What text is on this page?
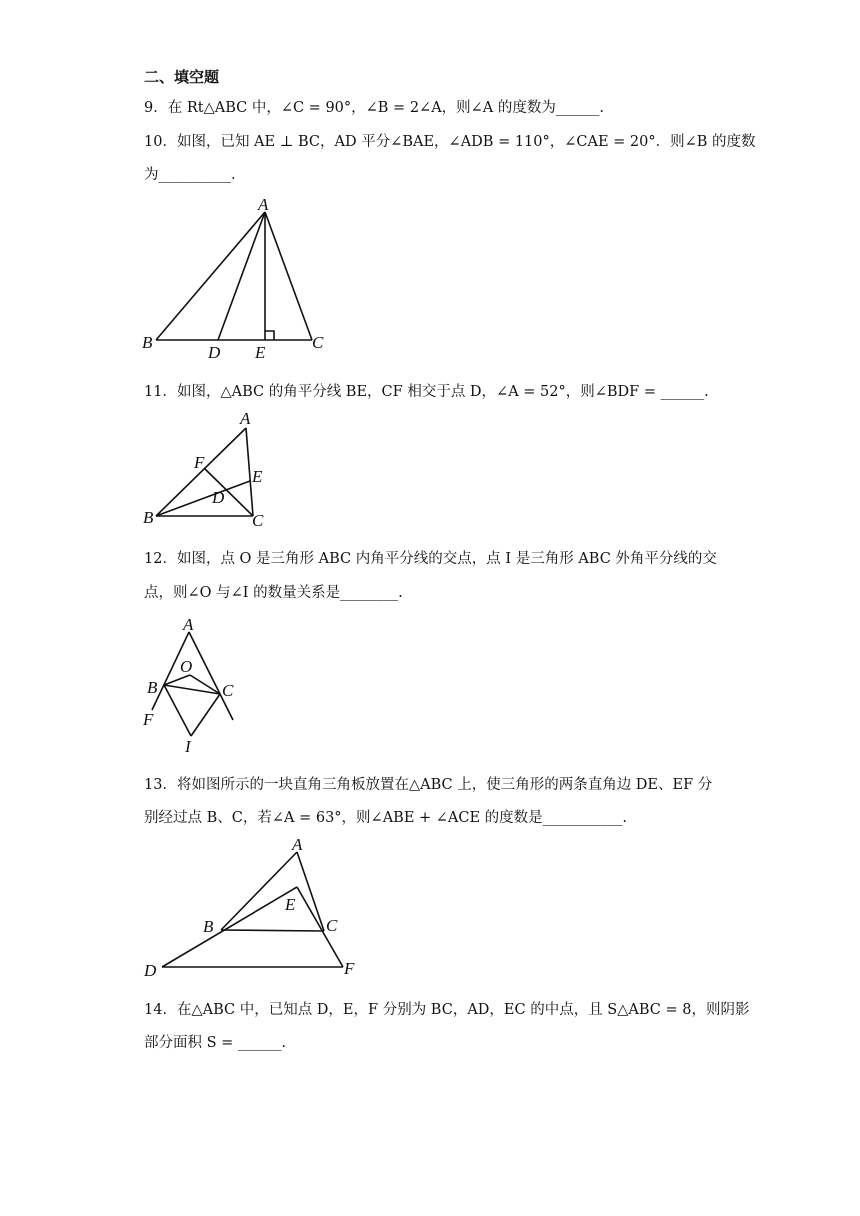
二、填空题
9．在 Rt△ABC 中，∠C = 90°，∠B = 2∠A，则∠A 的度数为______.
10．如图，已知 AE ⊥ BC，AD 平分∠BAE，∠ADB = 110°，∠CAE = 20°．则∠B 的度数
为__________.
A
B
D E
C
11．如图，△ABC 的角平分线 BE，CF 相交于点 D，∠A = 52°，则∠BDF = ______.
A
F
E
D
B	C
12．如图，点 O 是三角形 ABC 内角平分线的交点，点 I 是三角形 ABC 外角平分线的交
点，则∠O 与∠I 的数量关系是________.
A
O
B	C
F
I
13．将如图所示的一块直角三角板放置在△ABC 上，使三角形的两条直角边 DE、EF 分
别经过点 B、C，若∠A = 63°，则∠ABE + ∠ACE 的度数是___________.
A
E
B	C
D	F
14．在△ABC 中，已知点 D，E，F 分别为 BC，AD，EC 的中点，且 S△ABC = 8，则阴影
部分面积 S = ______.
